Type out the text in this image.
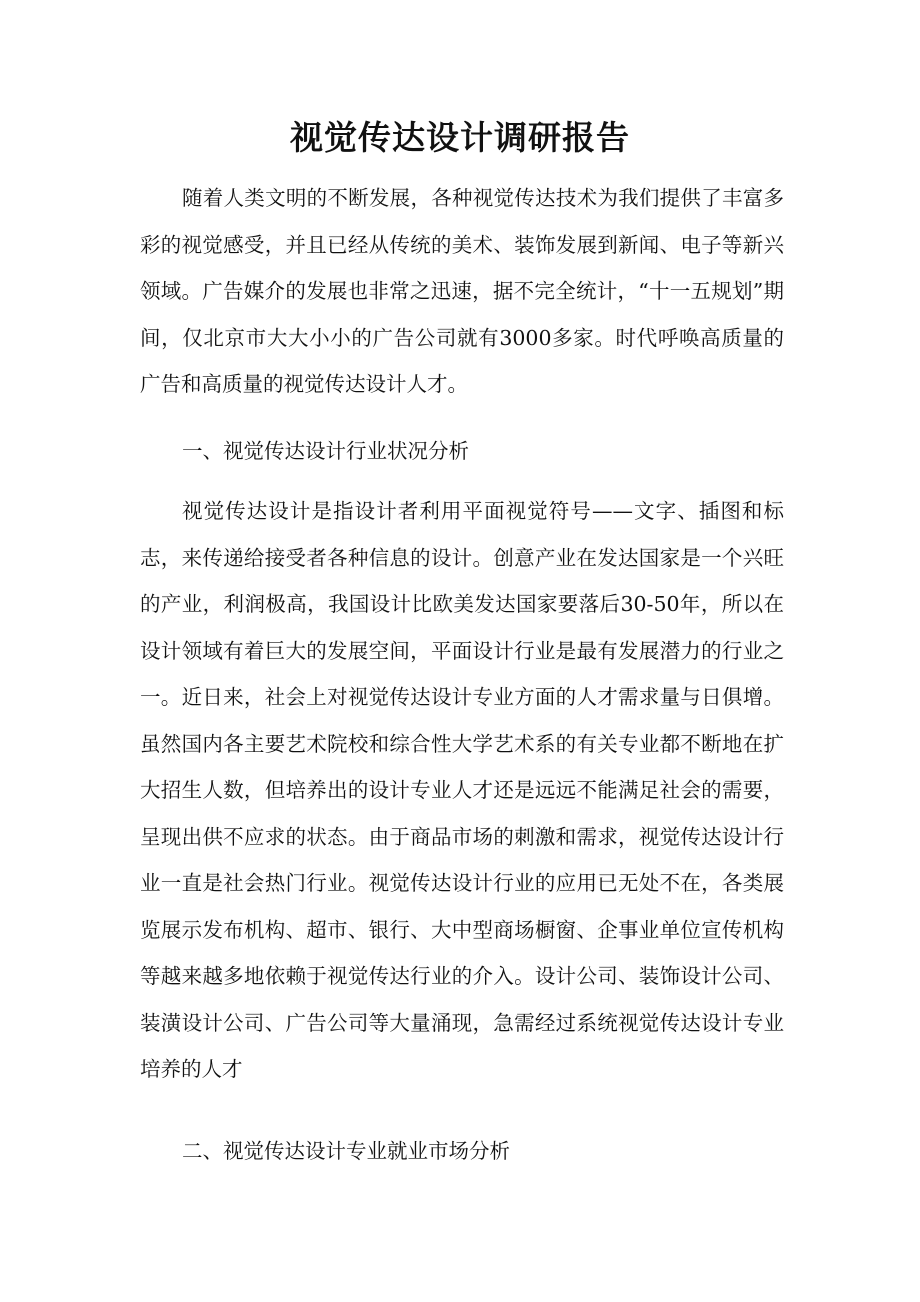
视觉传达设计调研报告

随着人类文明的不断发展，各种视觉传达技术为我们提供了丰富多彩的视觉感受，并且已经从传统的美术、装饰发展到新闻、电子等新兴领域。广告媒介的发展也非常之迅速，据不完全统计，“十一五规划”期间，仅北京市大大小小的广告公司就有3000多家。时代呼唤高质量的广告和高质量的视觉传达设计人才。

一、视觉传达设计行业状况分析

视觉传达设计是指设计者利用平面视觉符号——文字、插图和标志，来传递给接受者各种信息的设计。创意产业在发达国家是一个兴旺的产业，利润极高，我国设计比欧美发达国家要落后30-50年，所以在设计领域有着巨大的发展空间，平面设计行业是最有发展潜力的行业之一。近日来，社会上对视觉传达设计专业方面的人才需求量与日俱增。虽然国内各主要艺术院校和综合性大学艺术系的有关专业都不断地在扩大招生人数，但培养出的设计专业人才还是远远不能满足社会的需要，呈现出供不应求的状态。由于商品市场的刺激和需求，视觉传达设计行业一直是社会热门行业。视觉传达设计行业的应用已无处不在，各类展览展示发布机构、超市、银行、大中型商场橱窗、企事业单位宣传机构等越来越多地依赖于视觉传达行业的介入。设计公司、装饰设计公司、装潢设计公司、广告公司等大量涌现，急需经过系统视觉传达设计专业培养的人才

二、视觉传达设计专业就业市场分析
